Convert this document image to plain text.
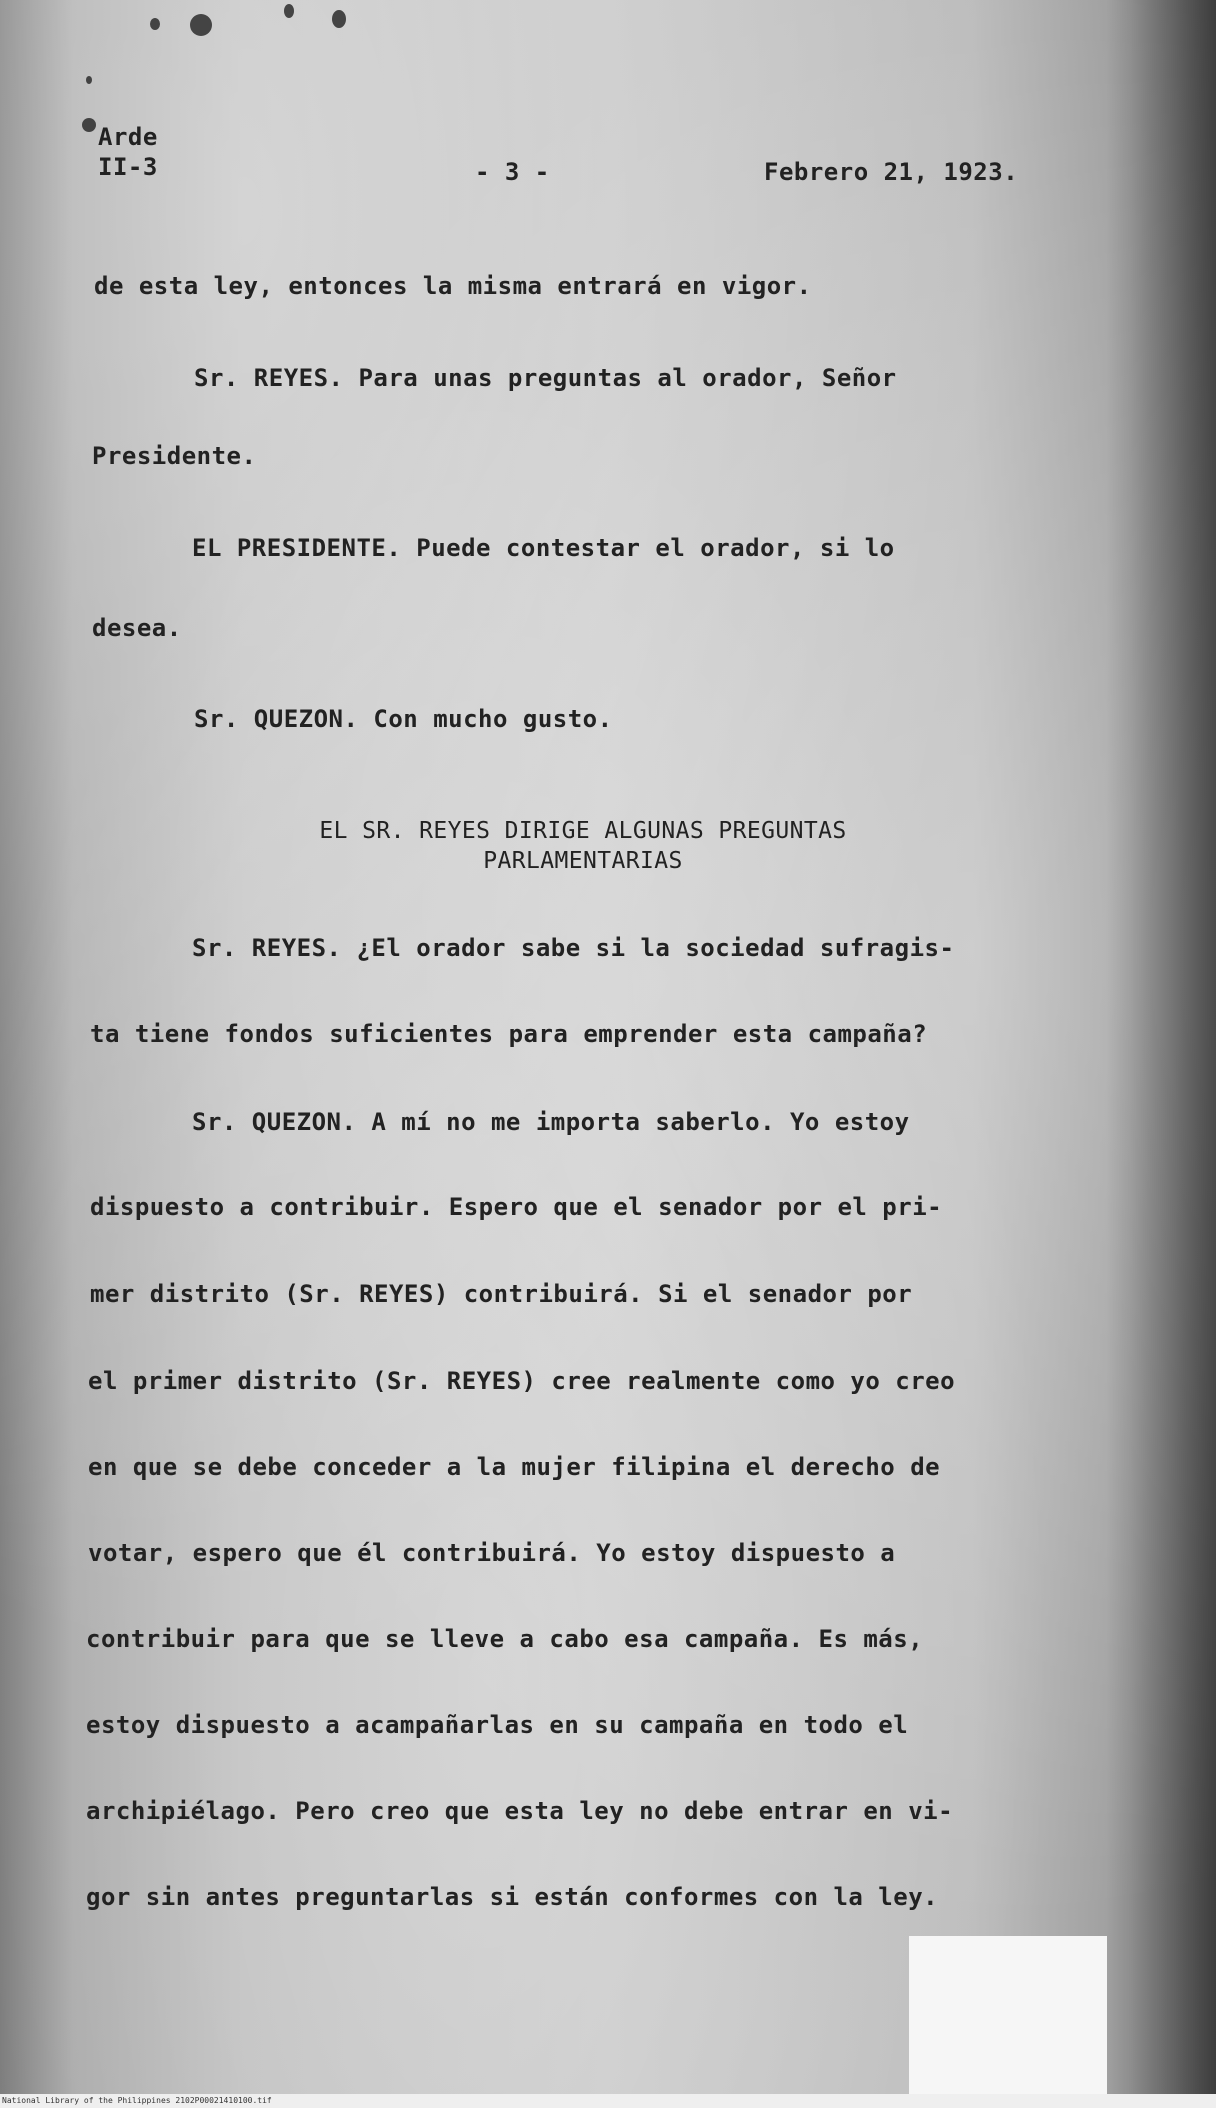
Arde
II-3	- 3 -	Febrero 21, 1923.
de esta ley, entonces la misma entrará en vigor.
Sr. REYES. Para unas preguntas al orador, Señor
Presidente.
EL PRESIDENTE. Puede contestar el orador, si lo
desea.
Sr. QUEZON. Con mucho gusto.
EL SR. REYES DIRIGE ALGUNAS PREGUNTAS
PARLAMENTARIAS
Sr. REYES. ¿El orador sabe si la sociedad sufragis-
ta tiene fondos suficientes para emprender esta campaña?
Sr. QUEZON. A mí no me importa saberlo. Yo estoy
dispuesto a contribuir. Espero que el senador por el pri-
mer distrito (Sr. REYES) contribuirá. Si el senador por
el primer distrito (Sr. REYES) cree realmente como yo creo
en que se debe conceder a la mujer filipina el derecho de
votar, espero que él contribuirá. Yo estoy dispuesto a
contribuir para que se lleve a cabo esa campaña. Es más,
estoy dispuesto a acampañarlas en su campaña en todo el
archipiélago. Pero creo que esta ley no debe entrar en vi-
gor sin antes preguntarlas si están conformes con la ley.
National Library of the Philippines 2102P00021410100.tif
